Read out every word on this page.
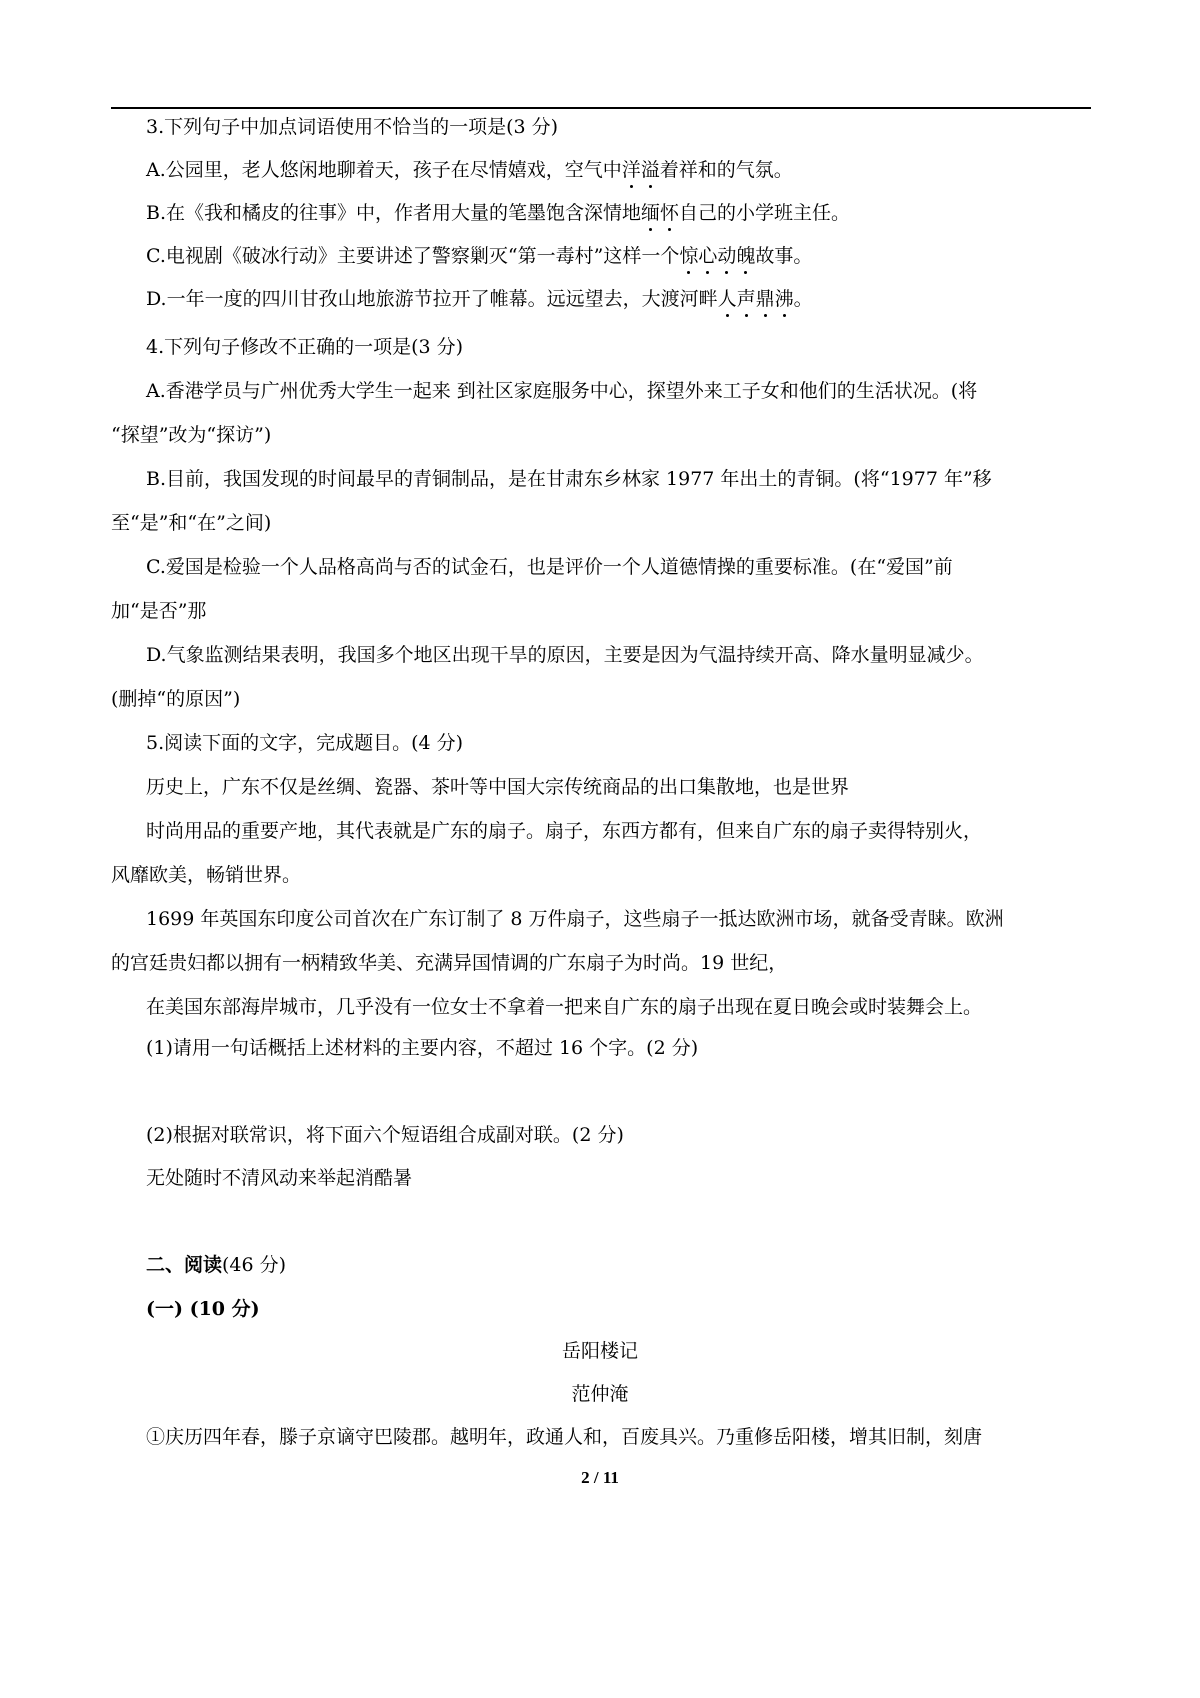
3.下列句子中加点词语使用不恰当的一项是(3 分)
A.公园里，老人悠闲地聊着天，孩子在尽情嬉戏，空气中洋溢着祥和的气氛。
B.在《我和橘皮的往事》中，作者用大量的笔墨饱含深情地缅怀自己的小学班主任。
C.电视剧《破冰行动》主要讲述了警察剿灭“第一毒村”这样一个惊心动魄故事。
D.一年一度的四川甘孜山地旅游节拉开了帷幕。远远望去，大渡河畔人声鼎沸。
4.下列句子修改不正确的一项是(3 分)
A.香港学员与广州优秀大学生一起来 到社区家庭服务中心，探望外来工子女和他们的生活状况。(将
“探望”改为“探访”)
B.目前，我国发现的时间最早的青铜制品，是在甘肃东乡林家 1977 年出土的青铜。(将“1977 年”移
至“是”和“在”之间)
C.爱国是检验一个人品格高尚与否的试金石，也是评价一个人道德情操的重要标准。(在“爱国”前
加“是否”那
D.气象监测结果表明，我国多个地区出现干旱的原因，主要是因为气温持续开高、降水量明显减少。
(删掉“的原因”)
5.阅读下面的文字，完成题目。(4 分)
历史上，广东不仅是丝绸、瓷器、茶叶等中国大宗传统商品的出口集散地，也是世界
时尚用品的重要产地，其代表就是广东的扇子。扇子，东西方都有，但来自广东的扇子卖得特别火，
风靡欧美，畅销世界。
1699 年英国东印度公司首次在广东订制了 8 万件扇子，这些扇子一抵达欧洲市场，就备受青睐。欧洲
的宫廷贵妇都以拥有一柄精致华美、充满异国情调的广东扇子为时尚。19 世纪，
在美国东部海岸城市，几乎没有一位女士不拿着一把来自广东的扇子出现在夏日晚会或时装舞会上。
(1)请用一句话概括上述材料的主要内容，不超过 16 个字。(2 分)
(2)根据对联常识，将下面六个短语组合成副对联。(2 分)
无处随时不清风动来举起消酷暑
二、阅读(46 分)
(一) (10 分)
岳阳楼记
范仲淹
①庆历四年春，滕子京谪守巴陵郡。越明年，政通人和，百废具兴。乃重修岳阳楼，增其旧制，刻唐
2 / 11
